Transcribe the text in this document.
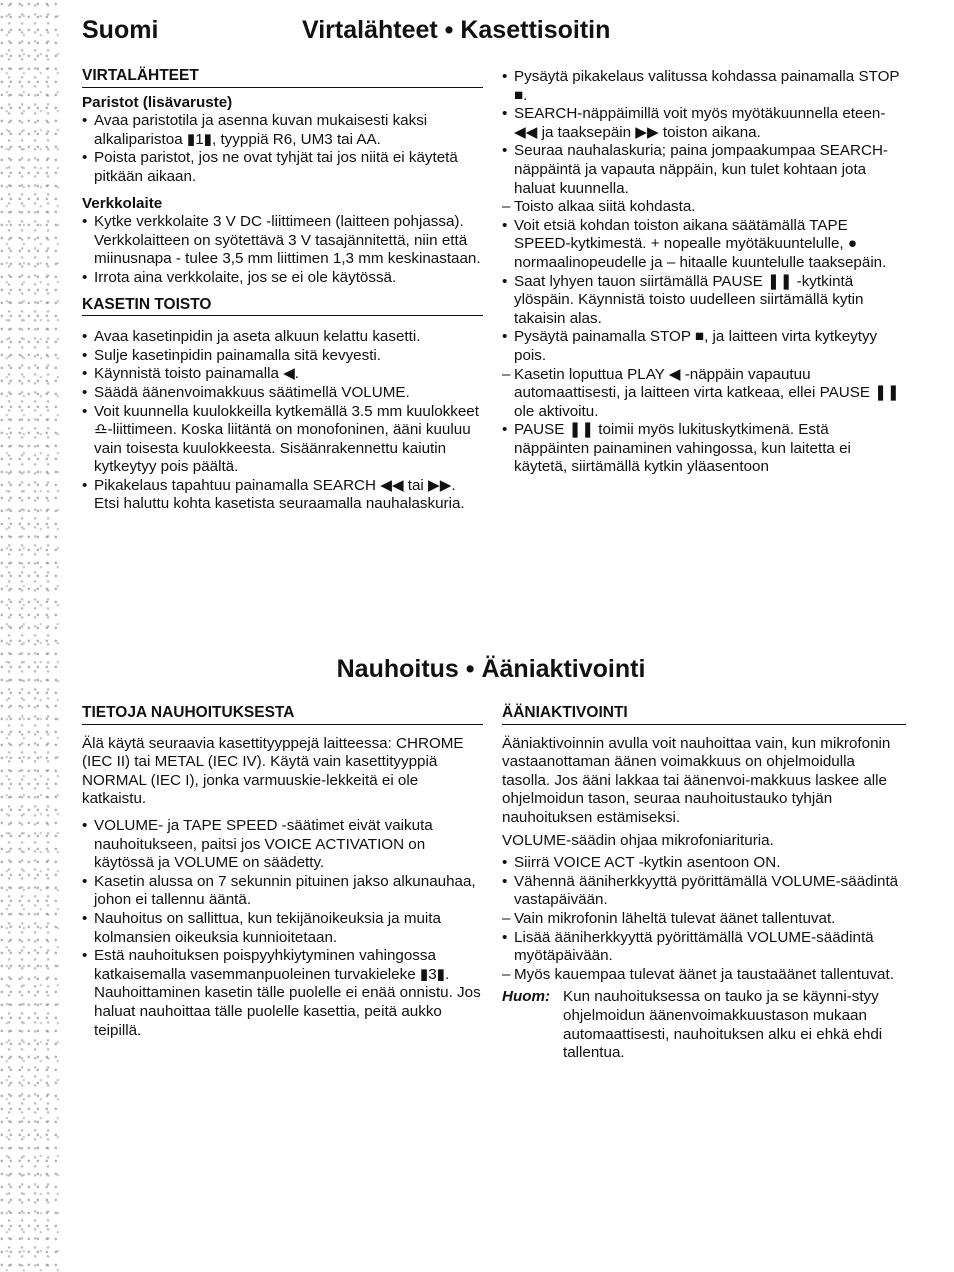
Suomi	Virtalähteet • Kasettisoitin
VIRTALÄHTEET

Paristot (lisävaruste)

• Avaa paristotila ja asenna kuvan mukaisesti kaksi alkaliparistoa ▮1▮, tyyppiä R6, UM3 tai AA.
• Poista paristot, jos ne ovat tyhjät tai jos niitä ei käytetä pitkään aikaan.

Verkkolaite

• Kytke verkkolaite 3 V DC -liittimeen (laitteen pohjassa). Verkkolaitteen on syötettävä 3 V tasajännitettä, niin että miinusnapa - tulee 3,5 mm liittimen 1,3 mm keskinastaan.
• Irrota aina verkkolaite, jos se ei ole käytössä.
KASETIN TOISTO
• Avaa kasetinpidin ja aseta alkuun kelattu kasetti.
• Sulje kasetinpidin painamalla sitä kevyesti.
• Käynnistä toisto painamalla ◀.
• Säädä äänenvoimakkuus säätimellä VOLUME.
• Voit kuunnella kuulokkeilla kytkemällä 3.5 mm kuulokkeet ♎-liittimeen. Koska liitäntä on monofoninen, ääni kuuluu vain toisesta kuulokkeesta. Sisäänrakennettu kaiutin kytkeytyy pois päältä.
• Pikakelaus tapahtuu painamalla SEARCH ◀◀ tai ▶▶. Etsi haluttu kohta kasetista seuraamalla nauhalaskuria.
• Pysäytä pikakelaus valitussa kohdassa painamalla STOP ■.
• SEARCH-näppäimillä voit myös myötäkuunnella eteen- ◀◀ ja taaksepäin ▶▶ toiston aikana.
• Seuraa nauhalaskuria; paina jompaakumpaa SEARCH-näppäintä ja vapauta näppäin, kun tulet kohtaan jota haluat kuunnella.
– Toisto alkaa siitä kohdasta.
• Voit etsiä kohdan toiston aikana säätämällä TAPE SPEED-kytkimestä. + nopealle myötäkuuntelulle, ● normaalinopeudelle ja – hitaalle kuuntelulle taaksepäin.
• Saat lyhyen tauon siirtämällä PAUSE ❚❚ -kytkintä ylöspäin. Käynnistä toisto uudelleen siirtämällä kytin takaisin alas.
• Pysäytä painamalla STOP ■, ja laitteen virta kytkeytyy pois.
– Kasetin loputtua PLAY ◀ -näppäin vapautuu automaattisesti, ja laitteen virta katkeaa, ellei PAUSE ❚❚ ole aktivoitu.
• PAUSE ❚❚ toimii myös lukituskytkimenä. Estä näppäinten painaminen vahingossa, kun laitetta ei käytetä, siirtämällä kytkin yläasentoon
Nauhoitus • Ääniaktivointi
TIETOJA NAUHOITUKSESTA

Älä käytä seuraavia kasettityyppejä laitteessa: CHROME (IEC II) tai METAL (IEC IV). Käytä vain kasettityyppiä NORMAL (IEC I), jonka varmuuskie-lekkeitä ei ole katkaistu.

• VOLUME- ja TAPE SPEED -säätimet eivät vaikuta nauhoitukseen, paitsi jos VOICE ACTIVATION on käytössä ja VOLUME on säädetty.
• Kasetin alussa on 7 sekunnin pituinen jakso alkunauhaa, johon ei tallennu ääntä.
• Nauhoitus on sallittua, kun tekijänoikeuksia ja muita kolmansien oikeuksia kunnioitetaan.
• Estä nauhoituksen poispyyhkiytyminen vahingossa katkaisemalla vasemmanpuoleinen turvakieleke ▮3▮. Nauhoittaminen kasetin tälle puolelle ei enää onnistu. Jos haluat nauhoittaa tälle puolelle kasettia, peitä aukko teipillä.
ÄÄNIAKTIVOINTI

Ääniaktivoinnin avulla voit nauhoittaa vain, kun mikrofonin vastaanottaman äänen voimakkuus on ohjelmoidulla tasolla. Jos ääni lakkaa tai äänenvoi-makkuus laskee alle ohjelmoidun tason, seuraa nauhoitustauko tyhjän nauhoituksen estämiseksi.

VOLUME-säädin ohjaa mikrofoniarituria.

• Siirrä VOICE ACT -kytkin asentoon ON.
• Vähennä ääniherkkyyttä pyörittämällä VOLUME-säädintä vastapäivään.
– Vain mikrofonin läheltä tulevat äänet tallentuvat.
• Lisää ääniherkkyyttä pyörittämällä VOLUME-säädintä myötäpäivään.
– Myös kauempaa tulevat äänet ja taustaäänet tallentuvat.
Huom: Kun nauhoituksessa on tauko ja se käynni-styy ohjelmoidun äänenvoimakkuustason mukaan automaattisesti, nauhoituksen alku ei ehkä ehdi tallentua.
